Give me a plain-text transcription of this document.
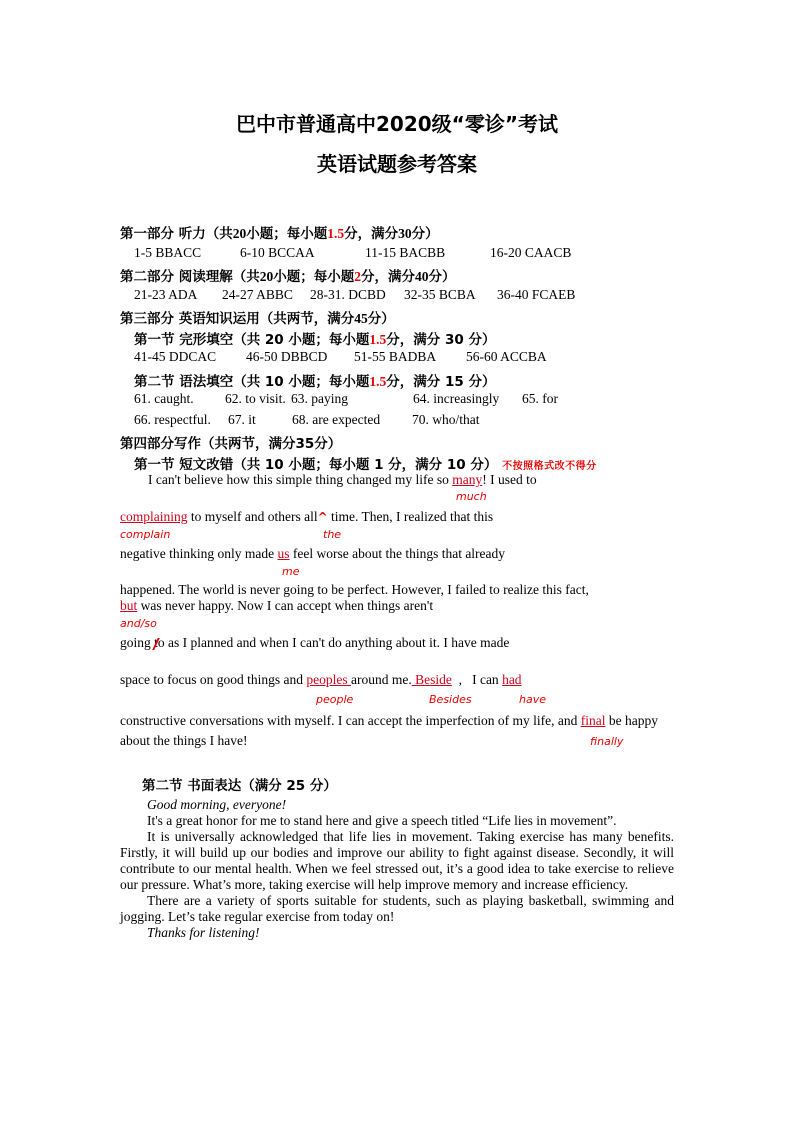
巴中市普通高中2020级“零诊”考试
英语试题参考答案
第一部分 听力（共20小题；每小题1.5分，满分30分）
1-5 BBACC	6-10 BCCAA	11-15 BACBB	16-20 CAACB
第二部分 阅读理解（共20小题；每小题2分，满分40分）
21-23 ADA 24-27 ABBC 28-31. DCBD 32-35 BCBA 36-40 FCAEB
第三部分 英语知识运用（共两节，满分45分）
第一节 完形填空（共 20 小题；每小题1.5分，满分 30 分）
41-45 DDCAC 46-50 DBBCD 51-55 BADBA 56-60 ACCBA
第二节 语法填空（共 10 小题；每小题1.5分，满分 15 分）
61. caught. 62. to visit. 63. paying	64. increasingly 65. for
66. respectful. 67. it	68. are expected 70. who/that
第四部分写作（共两节，满分35分）
第一节 短文改错（共 10 小题；每小题 1 分，满分 10 分） 不按照格式改不得分
I can't believe how this simple thing changed my life so many! I used to
much
complaining to myself and others all^ time. Then, I realized that this
complain	the
negative thinking only made us feel worse about the things that already
me
happened. The world is never going to be perfect. However, I failed to realize this fact,
but was never happy. Now I can accept when things aren't
and/so
going to as I planned and when I can't do anything about it. I have made
space to focus on good things and peoples around me. Beside  ,   I can had
people	Besides	have
constructive conversations with myself. I can accept the imperfection of my life, and final be happy
about the things I have!	finally
第二节 书面表达（满分 25 分）

Good morning, everyone!

It's a great honor for me to stand here and give a speech titled “Life lies in movement”.

It is universally acknowledged that life lies in movement. Taking exercise has many benefits. Firstly, it will build up our bodies and improve our ability to fight against disease. Secondly, it will contribute to our mental health. When we feel stressed out, it’s a good idea to take exercise to relieve our pressure. What’s more, taking exercise will help improve memory and increase efficiency.

There are a variety of sports suitable for students, such as playing basketball, swimming and jogging. Let’s take regular exercise from today on!

Thanks for listening!
